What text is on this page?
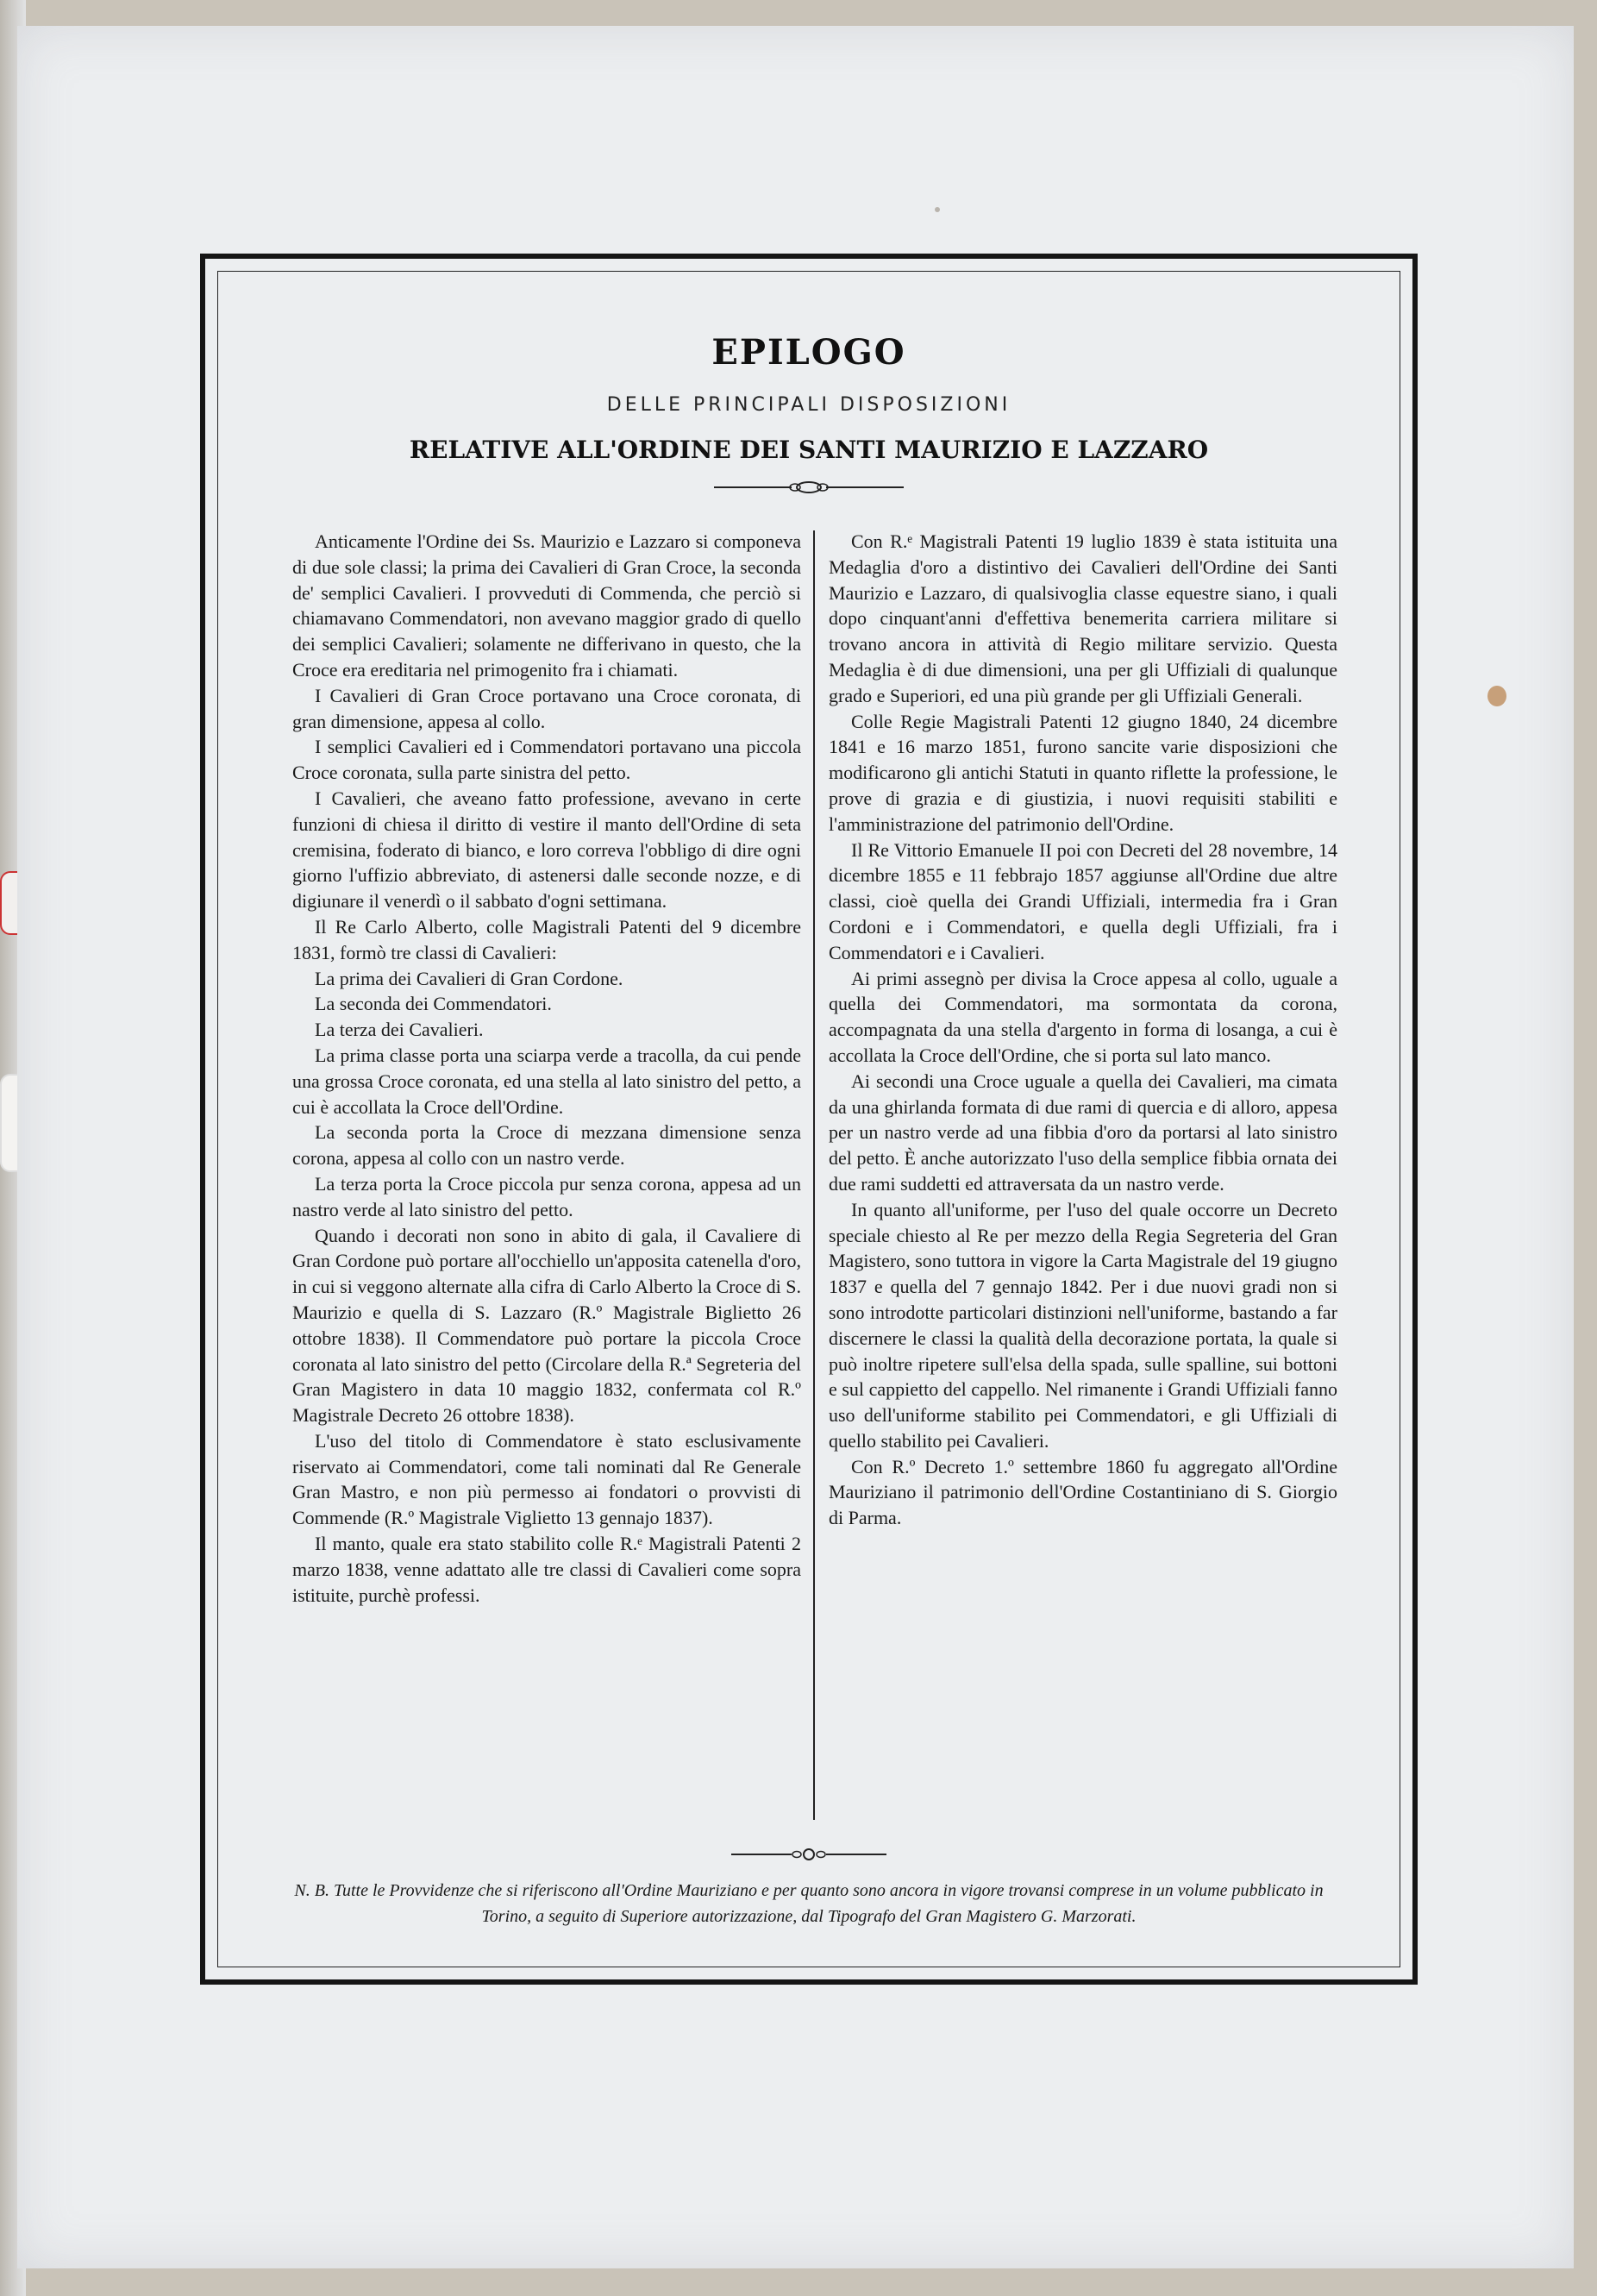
EPILOGO
DELLE PRINCIPALI DISPOSIZIONI
RELATIVE ALL'ORDINE DEI SANTI MAURIZIO E LAZZARO

Anticamente l'Ordine dei Ss. Maurizio e Lazzaro si componeva di due sole classi; la prima dei Cavalieri di Gran Croce, la seconda de' semplici Cavalieri. I provveduti di Commenda, che perciò si chiamavano Commendatori, non avevano maggior grado di quello dei semplici Cavalieri; solamente ne differivano in questo, che la Croce era ereditaria nel primogenito fra i chiamati.

I Cavalieri di Gran Croce portavano una Croce coronata, di gran dimensione, appesa al collo.

I semplici Cavalieri ed i Commendatori portavano una piccola Croce coronata, sulla parte sinistra del petto.

I Cavalieri, che aveano fatto professione, avevano in certe funzioni di chiesa il diritto di vestire il manto dell'Ordine di seta cremisina, foderato di bianco, e loro correva l'obbligo di dire ogni giorno l'uffizio abbreviato, di astenersi dalle seconde nozze, e di digiunare il venerdì o il sabbato d'ogni settimana.

Il Re Carlo Alberto, colle Magistrali Patenti del 9 dicembre 1831, formò tre classi di Cavalieri:

La prima dei Cavalieri di Gran Cordone.

La seconda dei Commendatori.

La terza dei Cavalieri.

La prima classe porta una sciarpa verde a tracolla, da cui pende una grossa Croce coronata, ed una stella al lato sinistro del petto, a cui è accollata la Croce dell'Ordine.

La seconda porta la Croce di mezzana dimensione senza corona, appesa al collo con un nastro verde.

La terza porta la Croce piccola pur senza corona, appesa ad un nastro verde al lato sinistro del petto.

Quando i decorati non sono in abito di gala, il Cavaliere di Gran Cordone può portare all'occhiello un'apposita catenella d'oro, in cui si veggono alternate alla cifra di Carlo Alberto la Croce di S. Maurizio e quella di S. Lazzaro (R.º Magistrale Biglietto 26 ottobre 1838). Il Commendatore può portare la piccola Croce coronata al lato sinistro del petto (Circolare della R.ª Segreteria del Gran Magistero in data 10 maggio 1832, confermata col R.º Magistrale Decreto 26 ottobre 1838).

L'uso del titolo di Commendatore è stato esclusivamente riservato ai Commendatori, come tali nominati dal Re Generale Gran Mastro, e non più permesso ai fondatori o provvisti di Commende (R.º Magistrale Viglietto 13 gennajo 1837).

Il manto, quale era stato stabilito colle R.ᵉ Magistrali Patenti 2 marzo 1838, venne adattato alle tre classi di Cavalieri come sopra istituite, purchè professi.

Con R.ᵉ Magistrali Patenti 19 luglio 1839 è stata istituita una Medaglia d'oro a distintivo dei Cavalieri dell'Ordine dei Santi Maurizio e Lazzaro, di qualsivoglia classe equestre siano, i quali dopo cinquant'anni d'effettiva benemerita carriera militare si trovano ancora in attività di Regio militare servizio. Questa Medaglia è di due dimensioni, una per gli Uffiziali di qualunque grado e Superiori, ed una più grande per gli Uffiziali Generali.

Colle Regie Magistrali Patenti 12 giugno 1840, 24 dicembre 1841 e 16 marzo 1851, furono sancite varie disposizioni che modificarono gli antichi Statuti in quanto riflette la professione, le prove di grazia e di giustizia, i nuovi requisiti stabiliti e l'amministrazione del patrimonio dell'Ordine.

Il Re Vittorio Emanuele II poi con Decreti del 28 novembre, 14 dicembre 1855 e 11 febbrajo 1857 aggiunse all'Ordine due altre classi, cioè quella dei Grandi Uffiziali, intermedia fra i Gran Cordoni e i Commendatori, e quella degli Uffiziali, fra i Commendatori e i Cavalieri.

Ai primi assegnò per divisa la Croce appesa al collo, uguale a quella dei Commendatori, ma sormontata da corona, accompagnata da una stella d'argento in forma di losanga, a cui è accollata la Croce dell'Ordine, che si porta sul lato manco.

Ai secondi una Croce uguale a quella dei Cavalieri, ma cimata da una ghirlanda formata di due rami di quercia e di alloro, appesa per un nastro verde ad una fibbia d'oro da portarsi al lato sinistro del petto. È anche autorizzato l'uso della semplice fibbia ornata dei due rami suddetti ed attraversata da un nastro verde.

In quanto all'uniforme, per l'uso del quale occorre un Decreto speciale chiesto al Re per mezzo della Regia Segreteria del Gran Magistero, sono tuttora in vigore la Carta Magistrale del 19 giugno 1837 e quella del 7 gennajo 1842. Per i due nuovi gradi non si sono introdotte particolari distinzioni nell'uniforme, bastando a far discernere le classi la qualità della decorazione portata, la quale si può inoltre ripetere sull'elsa della spada, sulle spalline, sui bottoni e sul cappietto del cappello. Nel rimanente i Grandi Uffiziali fanno uso dell'uniforme stabilito pei Commendatori, e gli Uffiziali di quello stabilito pei Cavalieri.

Con R.º Decreto 1.º settembre 1860 fu aggregato all'Ordine Mauriziano il patrimonio dell'Ordine Costantiniano di S. Giorgio di Parma.

N. B. Tutte le Provvidenze che si riferiscono all'Ordine Mauriziano e per quanto sono ancora in vigore trovansi comprese in un volume pubblicato in Torino, a seguito di Superiore autorizzazione, dal Tipografo del Gran Magistero G. Marzorati.
